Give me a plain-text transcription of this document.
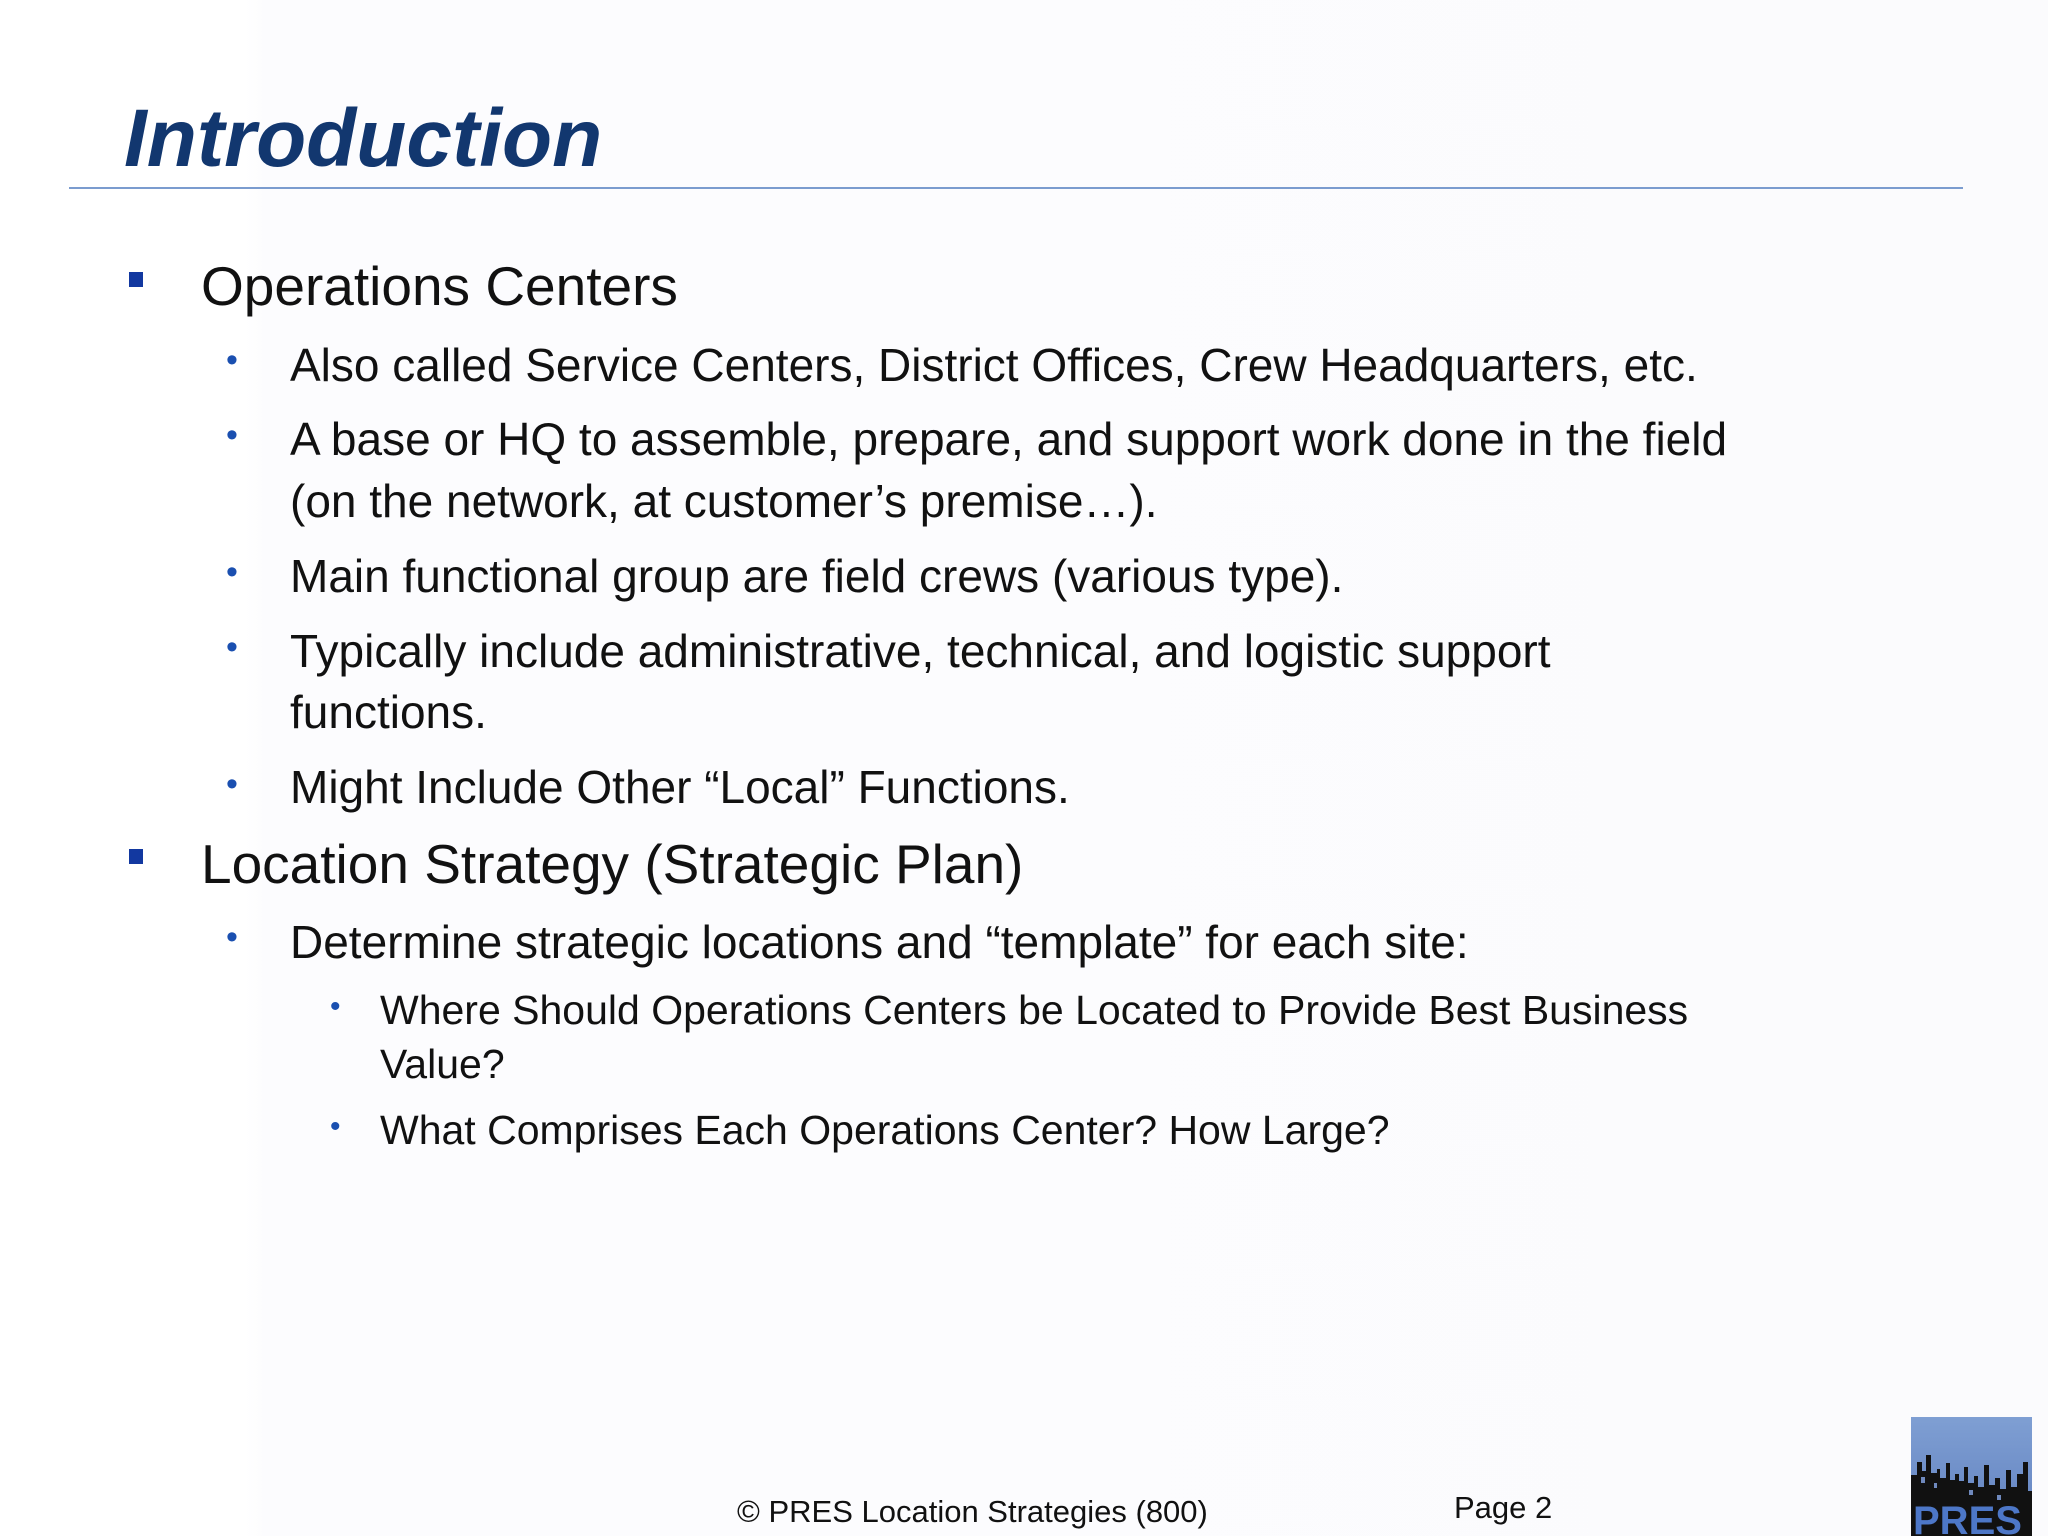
Introduction
Operations Centers
• Also called Service Centers, District Offices, Crew Headquarters, etc.
• A base or HQ to assemble, prepare, and support work done in the field
(on the network, at customer’s premise…).
• Main functional group are field crews (various type).
• Typically include administrative, technical, and logistic support
functions.
• Might Include Other “Local” Functions.
Location Strategy (Strategic Plan)
• Determine strategic locations and “template” for each site:
• Where Should Operations Centers be Located to Provide Best Business
Value?
• What Comprises Each Operations Center? How Large?
© PRES Location Strategies (800)	Page 2	PRES
